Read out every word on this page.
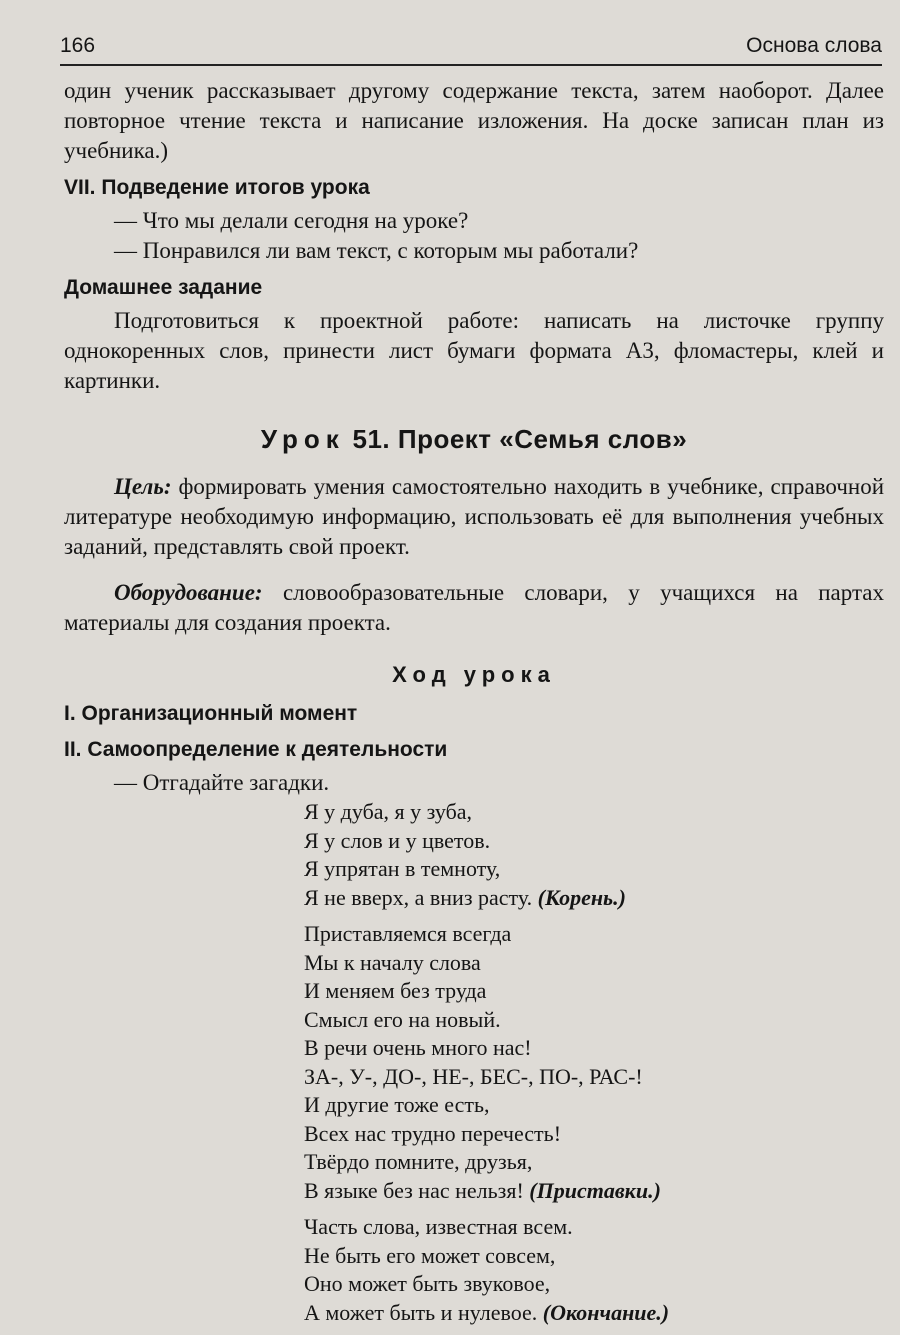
166	Основа слова

один ученик рассказывает другому содержание текста, затем наоборот. Далее повторное чтение текста и написание изложения. На доске записан план из учебника.)

VII. Подведение итогов урока

— Что мы делали сегодня на уроке?

— Понравился ли вам текст, с которым мы работали?

Домашнее задание

Подготовиться к проектной работе: написать на листочке группу однокоренных слов, принести лист бумаги формата А3, фломастеры, клей и картинки.

Урок 51. Проект «Семья слов»

Цель: формировать умения самостоятельно находить в учебнике, справочной литературе необходимую информацию, использовать её для выполнения учебных заданий, представлять свой проект.

Оборудование: словообразовательные словари, у учащихся на партах материалы для создания проекта.

Ход урока
I. Организационный момент
II. Самоопределение к деятельности

— Отгадайте загадки.

Я у дуба, я у зуба,

Я у слов и у цветов.

Я упрятан в темноту,

Я не вверх, а вниз расту. (Корень.)

Приставляемся всегда

Мы к началу слова

И меняем без труда

Смысл его на новый.

В речи очень много нас!

ЗА-, У-, ДО-, НЕ-, БЕС-, ПО-, РАС-!

И другие тоже есть,

Всех нас трудно перечесть!

Твёрдо помните, друзья,

В языке без нас нельзя! (Приставки.)

Часть слова, известная всем.

Не быть его может совсем,

Оно может быть звуковое,

А может быть и нулевое. (Окончание.)
